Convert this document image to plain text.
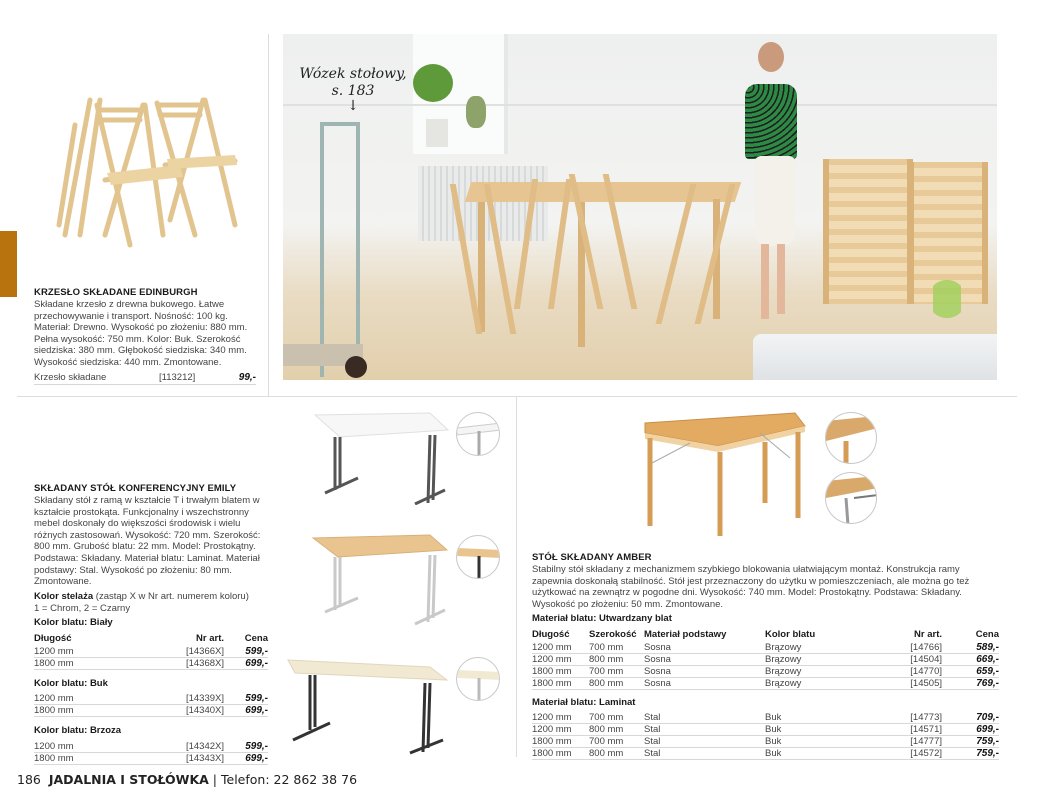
KRZESŁO SKŁADANE EDINBURGH
Składane krzesło z drewna bukowego. Łatwe przechowywanie i transport. Nośność: 100 kg. Materiał: Drewno. Wysokość po złożeniu: 880 mm. Pełna wysokość: 750 mm. Kolor: Buk. Szerokość siedziska: 380 mm. Głębokość siedziska: 340 mm. Wysokość siedziska: 440 mm. Zmontowane.
Krzesło składane	[113212]	99,-
Wózek stołowy,
s. 183
↓
SKŁADANY STÓŁ KONFERENCYJNY EMILY
Składany stół z ramą w kształcie T i trwałym blatem w kształcie prostokąta. Funkcjonalny i wszechstronny mebel doskonały do większości środowisk i wielu różnych zastosowań. Wysokość: 720 mm. Szerokość: 800 mm. Grubość blatu: 22 mm. Model: Prostokątny. Podstawa: Składany. Materiał blatu: Laminat. Materiał podstawy: Stal. Wysokość po złożeniu: 80 mm. Zmontowane.
Kolor stelaża (zastąp X w Nr art. numerem koloru)
1 = Chrom, 2 = Czarny
Kolor blatu: Biały
Długość	Nr art.	Cena
1200 mm	[14366X]	599,-
1800 mm	[14368X]	699,-
Kolor blatu: Buk
1200 mm	[14339X]	599,-
1800 mm	[14340X]	699,-
Kolor blatu: Brzoza
1200 mm	[14342X]	599,-
1800 mm	[14343X]	699,-
STÓŁ SKŁADANY AMBER
Stabilny stół składany z mechanizmem szybkiego blokowania ułatwiającym montaż. Konstrukcja ramy zapewnia doskonałą stabilność. Stół jest przeznaczony do użytku w pomieszczeniach, ale można go też użytkować na zewnątrz w pogodne dni. Wysokość: 740 mm. Model: Prostokątny. Podstawa: Składany. Wysokość po złożeniu: 50 mm. Zmontowane.
Materiał blatu: Utwardzany blat
Długość	Szerokość	Materiał podstawy	Kolor blatu	Nr art.	Cena
1200 mm	700 mm	Sosna	Brązowy	[14766]	589,-
1200 mm	800 mm	Sosna	Brązowy	[14504]	669,-
1800 mm	700 mm	Sosna	Brązowy	[14770]	659,-
1800 mm	800 mm	Sosna	Brązowy	[14505]	769,-
Materiał blatu: Laminat
1200 mm	700 mm	Stal	Buk	[14773]	709,-
1200 mm	800 mm	Stal	Buk	[14571]	699,-
1800 mm	700 mm	Stal	Buk	[14777]	759,-
1800 mm	800 mm	Stal	Buk	[14572]	759,-
186 JADALNIA I STOŁÓWKA | Telefon: 22 862 38 76
